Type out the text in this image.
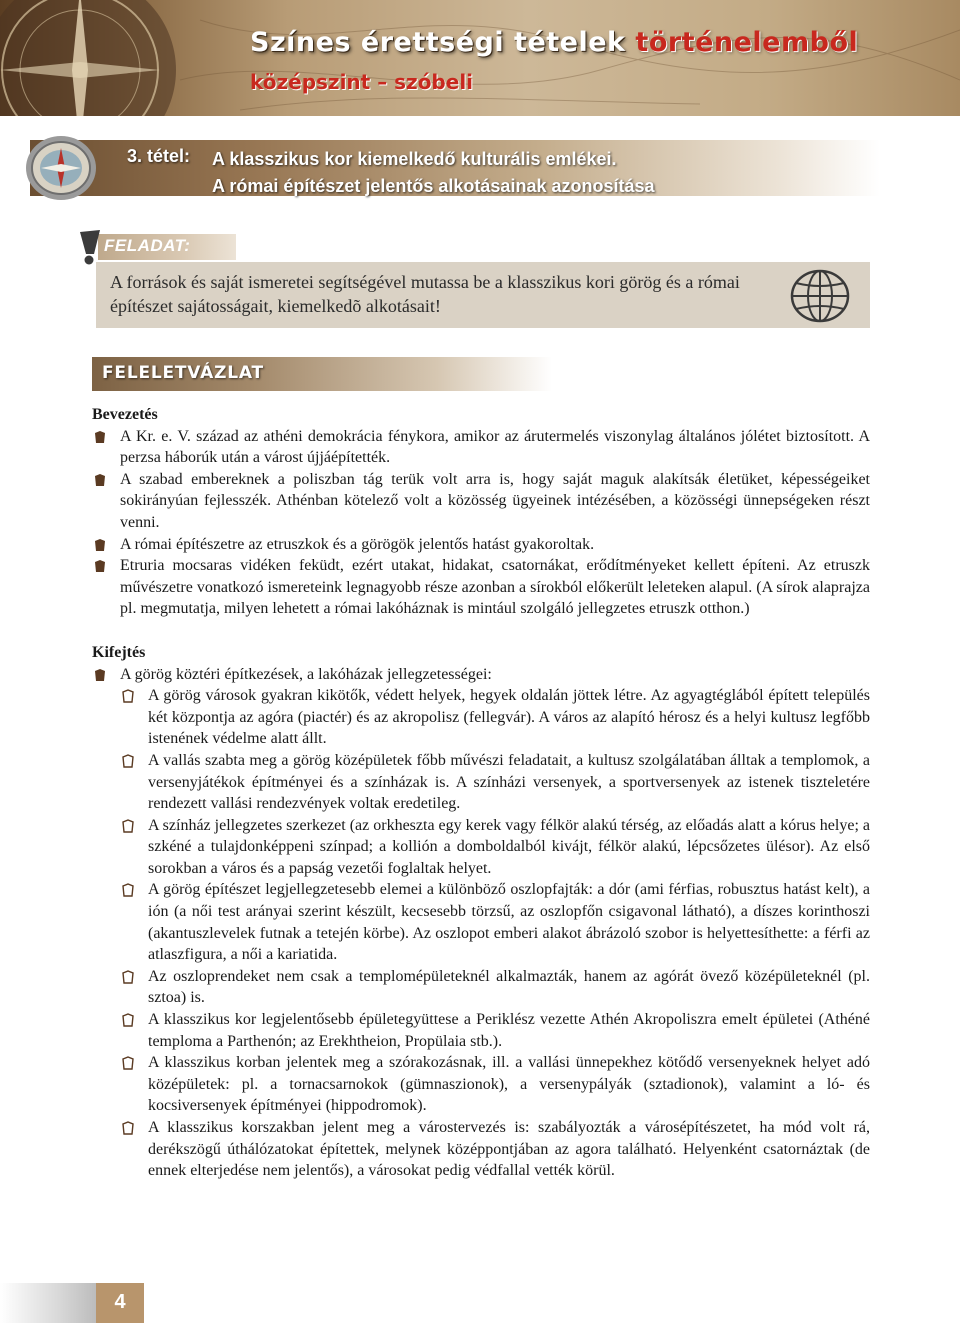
Színes érettségi tételek történelemből
középszint – szóbeli
3. tétel: A klasszikus kor kiemelkedő kulturális emlékei.
A római építészet jelentős alkotásainak azonosítása
FELADAT:

A források és saját ismeretei segítségével mutassa be a klasszikus kori görög és a római építészet sajátosságait, kiemelkedõ alkotásait!

FELELETVÁZLAT
Bevezetés
A Kr. e. V. század az athéni demokrácia fénykora, amikor az árutermelés viszonylag általános jólétet biztosított. A perzsa háborúk után a várost újjáépítették.
A szabad embereknek a poliszban tág terük volt arra is, hogy saját maguk alakítsák életüket, képességeiket sokirányúan fejlesszék. Athénban kötelező volt a közösség ügyeinek intézésében, a közösségi ünnepségeken részt venni.
A római építészetre az etruszkok és a görögök jelentős hatást gyakoroltak.
Etruria mocsaras vidéken feküdt, ezért utakat, hidakat, csatornákat, erődítményeket kellett építeni. Az etruszk művészetre vonatkozó ismereteink legnagyobb része azonban a sírokból előkerült leleteken alapul. (A sírok alaprajza pl. megmutatja, milyen lehetett a római lakóháznak is mintául szolgáló jellegzetes etruszk otthon.)
Kifejtés
A görög köztéri építkezések, a lakóházak jellegzetességei:
A görög városok gyakran kikötők, védett helyek, hegyek oldalán jöttek létre. Az agyagtéglából épített település két központja az agóra (piactér) és az akropolisz (fellegvár). A város az alapító hérosz és a helyi kultusz legfőbb istenének védelme alatt állt.
A vallás szabta meg a görög középületek főbb művészi feladatait, a kultusz szolgálatában álltak a templomok, a versenyjátékok építményei és a színházak is. A színházi versenyek, a sportversenyek az istenek tiszteletére rendezett vallási rendezvények voltak eredetileg.
A színház jellegzetes szerkezet (az orkheszta egy kerek vagy félkör alakú térség, az előadás alatt a kórus helye; a szkéné a tulajdonképpeni színpad; a kollión a domboldalból kivájt, félkör alakú, lépcsőzetes ülésor). Az első sorokban a város és a papság vezetői foglaltak helyet.
A görög építészet legjellegzetesebb elemei a különböző oszlopfajták: a dór (ami férfias, robusztus hatást kelt), a ión (a női test arányai szerint készült, kecsesebb törzsű, az oszlopfőn csigavonal látható), a díszes korinthoszi (akantuszlevelek futnak a tetején körbe). Az oszlopot emberi alakot ábrázoló szobor is helyettesíthette: a férfi az atlaszfigura, a női a kariatida.
Az oszloprendeket nem csak a templomépületeknél alkalmazták, hanem az agórát övező középületeknél (pl. sztoa) is.
A klasszikus kor legjelentősebb épületegyüttese a Periklész vezette Athén Akropoliszra emelt épületei (Athéné temploma a Parthenón; az Erekhtheion, Propülaia stb.).
A klasszikus korban jelentek meg a szórakozásnak, ill. a vallási ünnepekhez kötődő versenyeknek helyet adó középületek: pl. a tornacsarnokok (gümnaszionok), a versenypályák (sztadionok), valamint a ló- és kocsiversenyek építményei (hippodromok).
A klasszikus korszakban jelent meg a várostervezés is: szabályozták a városépítészetet, ha mód volt rá, derékszögű úthálózatokat építettek, melynek középpontjában az agora található. Helyenként csatornáztak (de ennek elterjedése nem jelentős), a városokat pedig védfallal vették körül.
4
